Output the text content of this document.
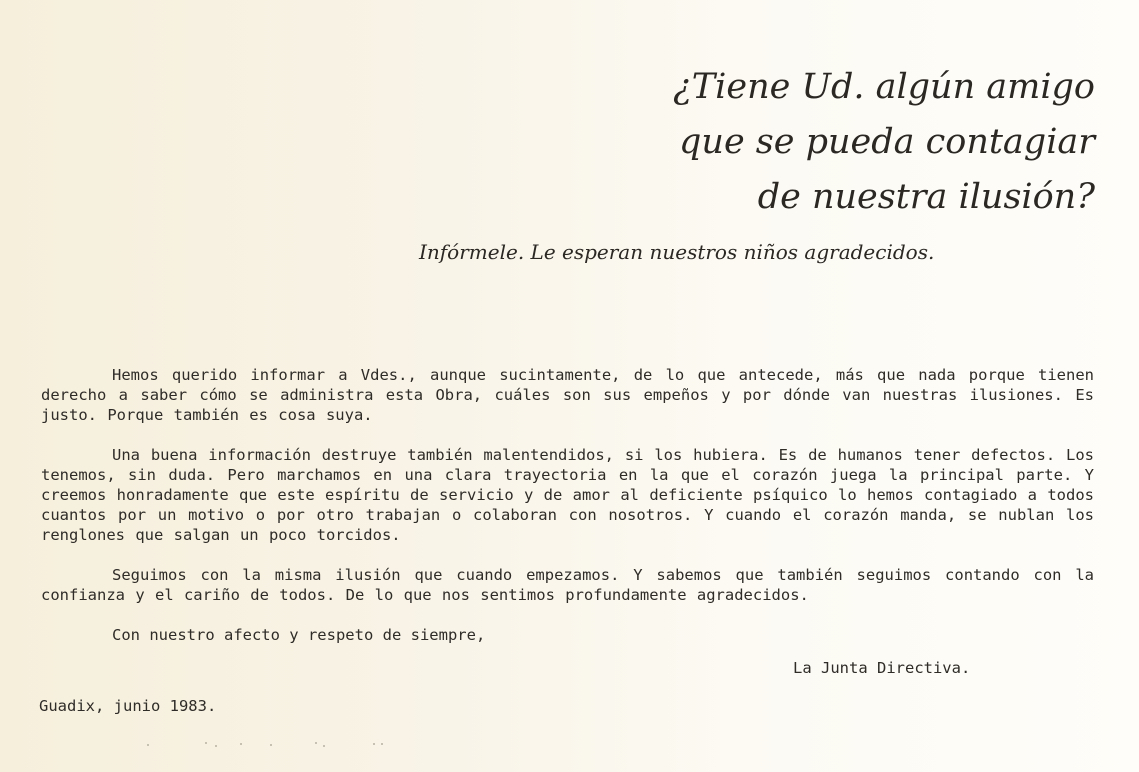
¿Tiene Ud. algún amigo
que se pueda contagiar
de nuestra ilusión?
Infórmele. Le esperan nuestros niños agradecidos.

Hemos querido informar a Vdes., aunque sucintamente, de lo que antecede, más que nada porque tienen derecho a saber cómo se administra esta Obra, cuáles son sus empeños y por dónde van nuestras ilusiones. Es justo. Porque también es cosa suya.

Una buena información destruye también malentendidos, si los hubiera. Es de humanos tener defectos. Los tenemos, sin duda. Pero marchamos en una clara trayectoria en la que el corazón juega la principal parte. Y creemos honradamente que este espíritu de servicio y de amor al deficiente psíquico lo hemos contagiado a todos cuantos por un motivo o por otro trabajan o colaboran con nosotros. Y cuando el corazón manda, se nublan los renglones que salgan un poco torcidos.

Seguimos con la misma ilusión que cuando empezamos. Y sabemos que también seguimos contando con la confianza y el cariño de todos. De lo que nos sentimos profundamente agradecidos.

Con nuestro afecto y respeto de siempre,

La Junta Directiva.
Guadix, junio 1983.
